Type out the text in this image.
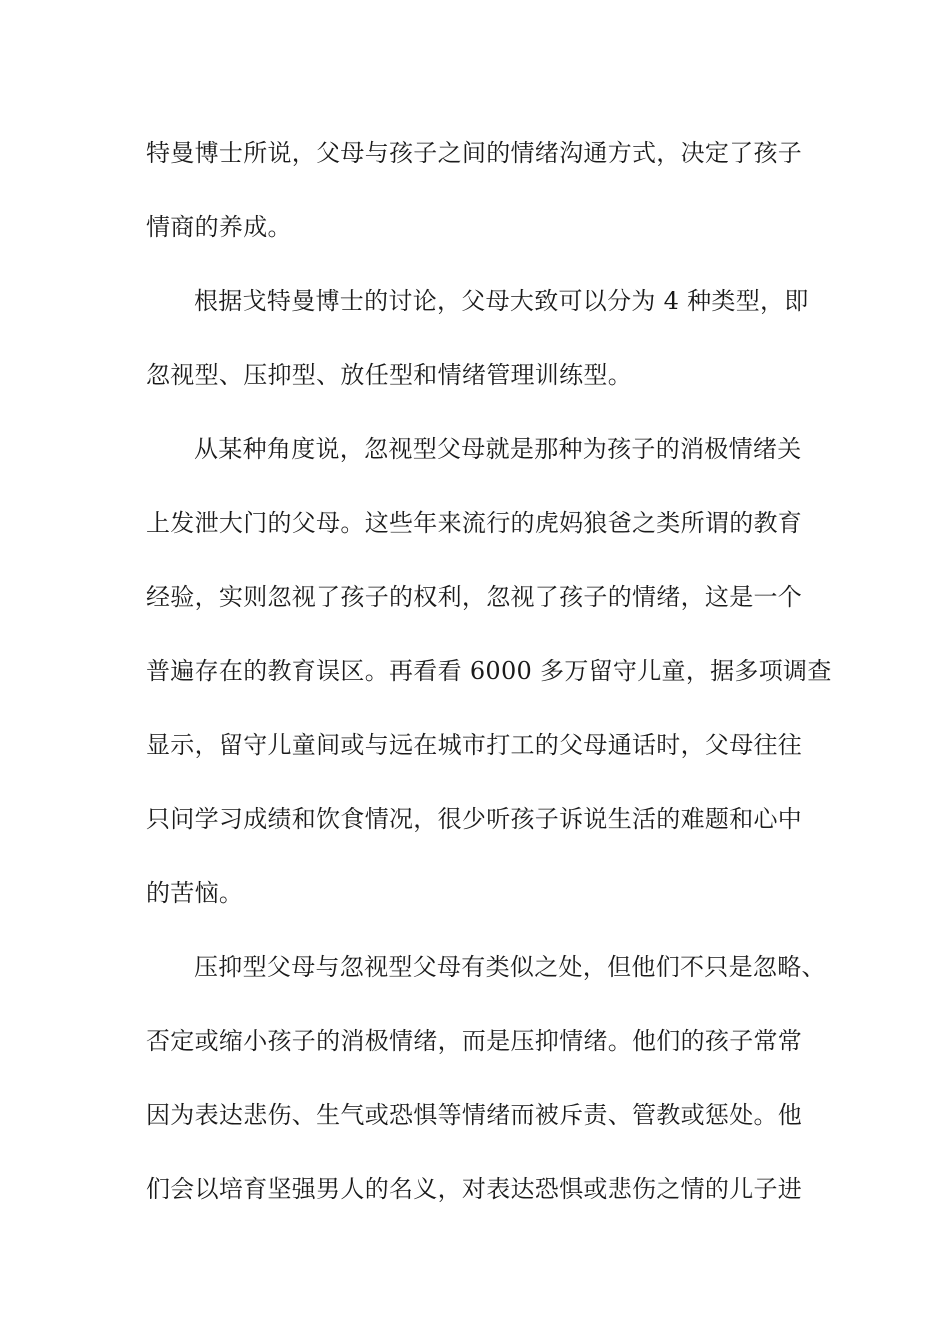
特曼博士所说，父母与孩子之间的情绪沟通方式，决定了孩子
情商的养成。
根据戈特曼博士的讨论，父母大致可以分为 4 种类型，即
忽视型、压抑型、放任型和情绪管理训练型。
从某种角度说，忽视型父母就是那种为孩子的消极情绪关
上发泄大门的父母。这些年来流行的虎妈狼爸之类所谓的教育
经验，实则忽视了孩子的权利，忽视了孩子的情绪，这是一个
普遍存在的教育误区。再看看 6000 多万留守儿童，据多项调查
显示，留守儿童间或与远在城市打工的父母通话时，父母往往
只问学习成绩和饮食情况，很少听孩子诉说生活的难题和心中
的苦恼。
压抑型父母与忽视型父母有类似之处，但他们不只是忽略、
否定或缩小孩子的消极情绪，而是压抑情绪。他们的孩子常常
因为表达悲伤、生气或恐惧等情绪而被斥责、管教或惩处。他
们会以培育坚强男人的名义，对表达恐惧或悲伤之情的儿子进
